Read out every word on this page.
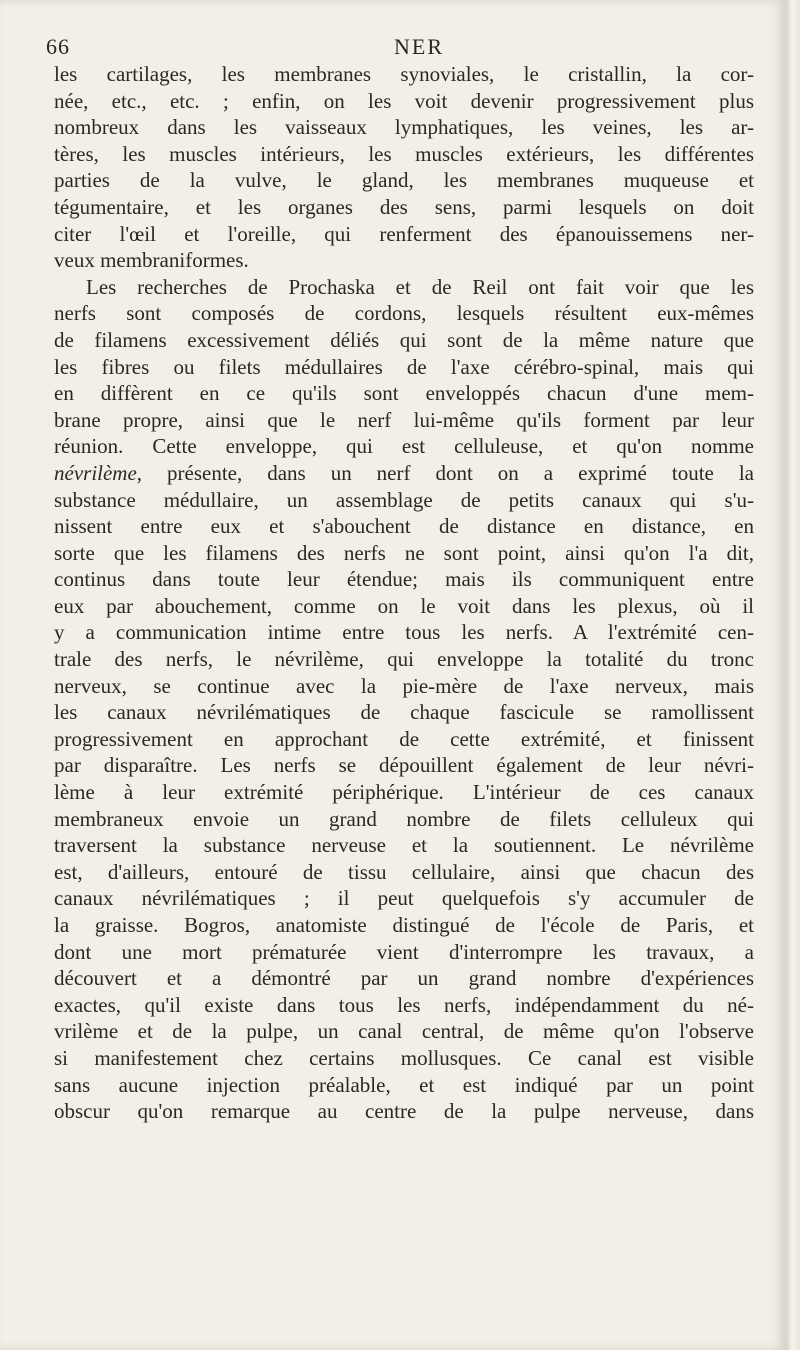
66	NER
les cartilages, les membranes synoviales, le cristallin, la cor-
née, etc., etc. ; enfin, on les voit devenir progressivement plus
nombreux dans les vaisseaux lymphatiques, les veines, les ar-
tères, les muscles intérieurs, les muscles extérieurs, les différentes
parties de la vulve, le gland, les membranes muqueuse et
tégumentaire, et les organes des sens, parmi lesquels on doit
citer l'œil et l'oreille, qui renferment des épanouissemens ner-
veux membraniformes.
Les recherches de Prochaska et de Reil ont fait voir que les
nerfs sont composés de cordons, lesquels résultent eux-mêmes
de filamens excessivement déliés qui sont de la même nature que
les fibres ou filets médullaires de l'axe cérébro-spinal, mais qui
en diffèrent en ce qu'ils sont enveloppés chacun d'une mem-
brane propre, ainsi que le nerf lui-même qu'ils forment par leur
réunion. Cette enveloppe, qui est celluleuse, et qu'on nomme
névrilème, présente, dans un nerf dont on a exprimé toute la
substance médullaire, un assemblage de petits canaux qui s'u-
nissent entre eux et s'abouchent de distance en distance, en
sorte que les filamens des nerfs ne sont point, ainsi qu'on l'a dit,
continus dans toute leur étendue; mais ils communiquent entre
eux par abouchement, comme on le voit dans les plexus, où il
y a communication intime entre tous les nerfs. A l'extrémité cen-
trale des nerfs, le névrilème, qui enveloppe la totalité du tronc
nerveux, se continue avec la pie-mère de l'axe nerveux, mais
les canaux névrilématiques de chaque fascicule se ramollissent
progressivement en approchant de cette extrémité, et finissent
par disparaître. Les nerfs se dépouillent également de leur névri-
lème à leur extrémité périphérique. L'intérieur de ces canaux
membraneux envoie un grand nombre de filets celluleux qui
traversent la substance nerveuse et la soutiennent. Le névrilème
est, d'ailleurs, entouré de tissu cellulaire, ainsi que chacun des
canaux névrilématiques ; il peut quelquefois s'y accumuler de
la graisse. Bogros, anatomiste distingué de l'école de Paris, et
dont une mort prématurée vient d'interrompre les travaux, a
découvert et a démontré par un grand nombre d'expériences
exactes, qu'il existe dans tous les nerfs, indépendamment du né-
vrilème et de la pulpe, un canal central, de même qu'on l'observe
si manifestement chez certains mollusques. Ce canal est visible
sans aucune injection préalable, et est indiqué par un point
obscur qu'on remarque au centre de la pulpe nerveuse, dans
